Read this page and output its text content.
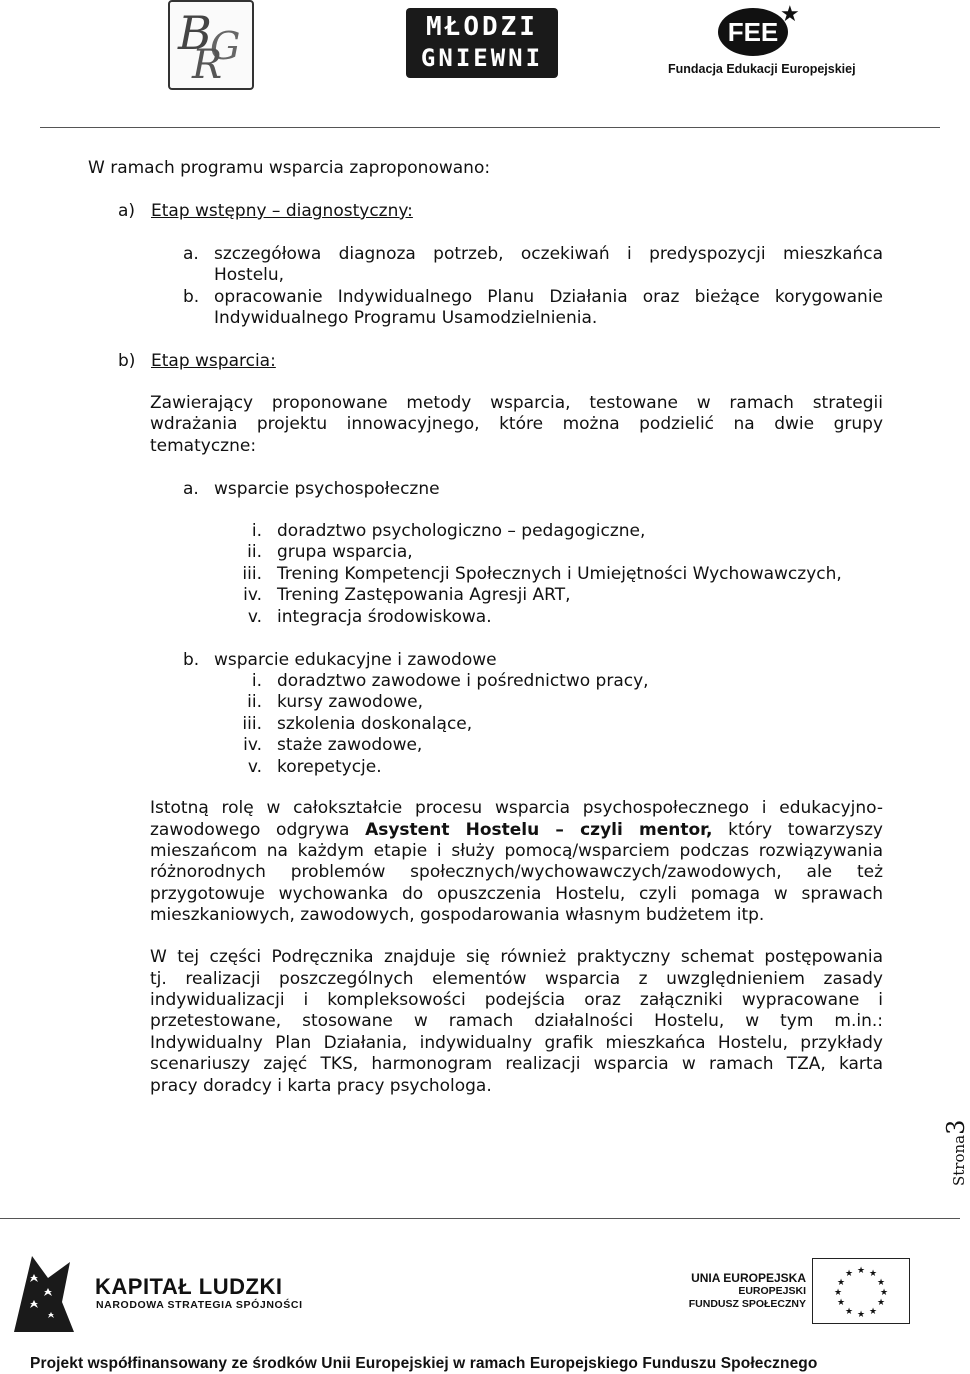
B
G
R
MŁODZI
GNIEWNI
FEE
★
Fundacja Edukacji Europejskiej
W ramach programu wsparcia zaproponowano:
a) Etap wstępny – diagnostyczny:
a. szczegółowa diagnoza potrzeb, oczekiwań i predyspozycji mieszkańca
Hostelu,
b. opracowanie Indywidualnego Planu Działania oraz bieżące korygowanie
Indywidualnego Programu Usamodzielnienia.
b) Etap wsparcia:
Zawierający proponowane metody wsparcia, testowane w ramach strategii
wdrażania projektu innowacyjnego, które można podzielić na dwie grupy
tematyczne:
a. wsparcie psychospołeczne
i. doradztwo psychologiczno – pedagogiczne,
ii. grupa wsparcia,
iii. Trening Kompetencji Społecznych i Umiejętności Wychowawczych,
iv. Trening Zastępowania Agresji ART,
v. integracja środowiskowa.
b. wsparcie edukacyjne i zawodowe
i. doradztwo zawodowe i pośrednictwo pracy,
ii. kursy zawodowe,
iii. szkolenia doskonalące,
iv. staże zawodowe,
v. korepetycje.
Istotną rolę w całokształcie procesu wsparcia psychospołecznego i edukacyjno-
zawodowego odgrywa Asystent Hostelu – czyli mentor, który towarzyszy
mieszańcom na każdym etapie i służy pomocą/wsparciem podczas rozwiązywania
różnorodnych problemów społecznych/wychowawczych/zawodowych, ale też
przygotowuje wychowanka do opuszczenia Hostelu, czyli pomaga w sprawach
mieszkaniowych, zawodowych, gospodarowania własnym budżetem itp.
W tej części Podręcznika znajduje się również praktyczny schemat postępowania
tj. realizacji poszczególnych elementów wsparcia z uwzględnieniem zasady
indywidualizacji i kompleksowości podejścia oraz załączniki wypracowane i
przetestowane, stosowane w ramach działalności Hostelu, w tym m.in.:
Indywidualny Plan Działania, indywidualny grafik mieszkańca Hostelu, przykłady
scenariuszy zajęć TKS, harmonogram realizacji wsparcia w ramach TZA, karta
pracy doradcy i karta pracy psychologa.
Strona3
KAPITAŁ LUDZKI
NARODOWA STRATEGIA SPÓJNOŚCI
UNIA EUROPEJSKA
EUROPEJSKI
FUNDUSZ SPOŁECZNY
★ ★
★
★
★
★
★
★
★
★
★
★
Projekt współfinansowany ze środków Unii Europejskiej w ramach Europejskiego Funduszu Społecznego
